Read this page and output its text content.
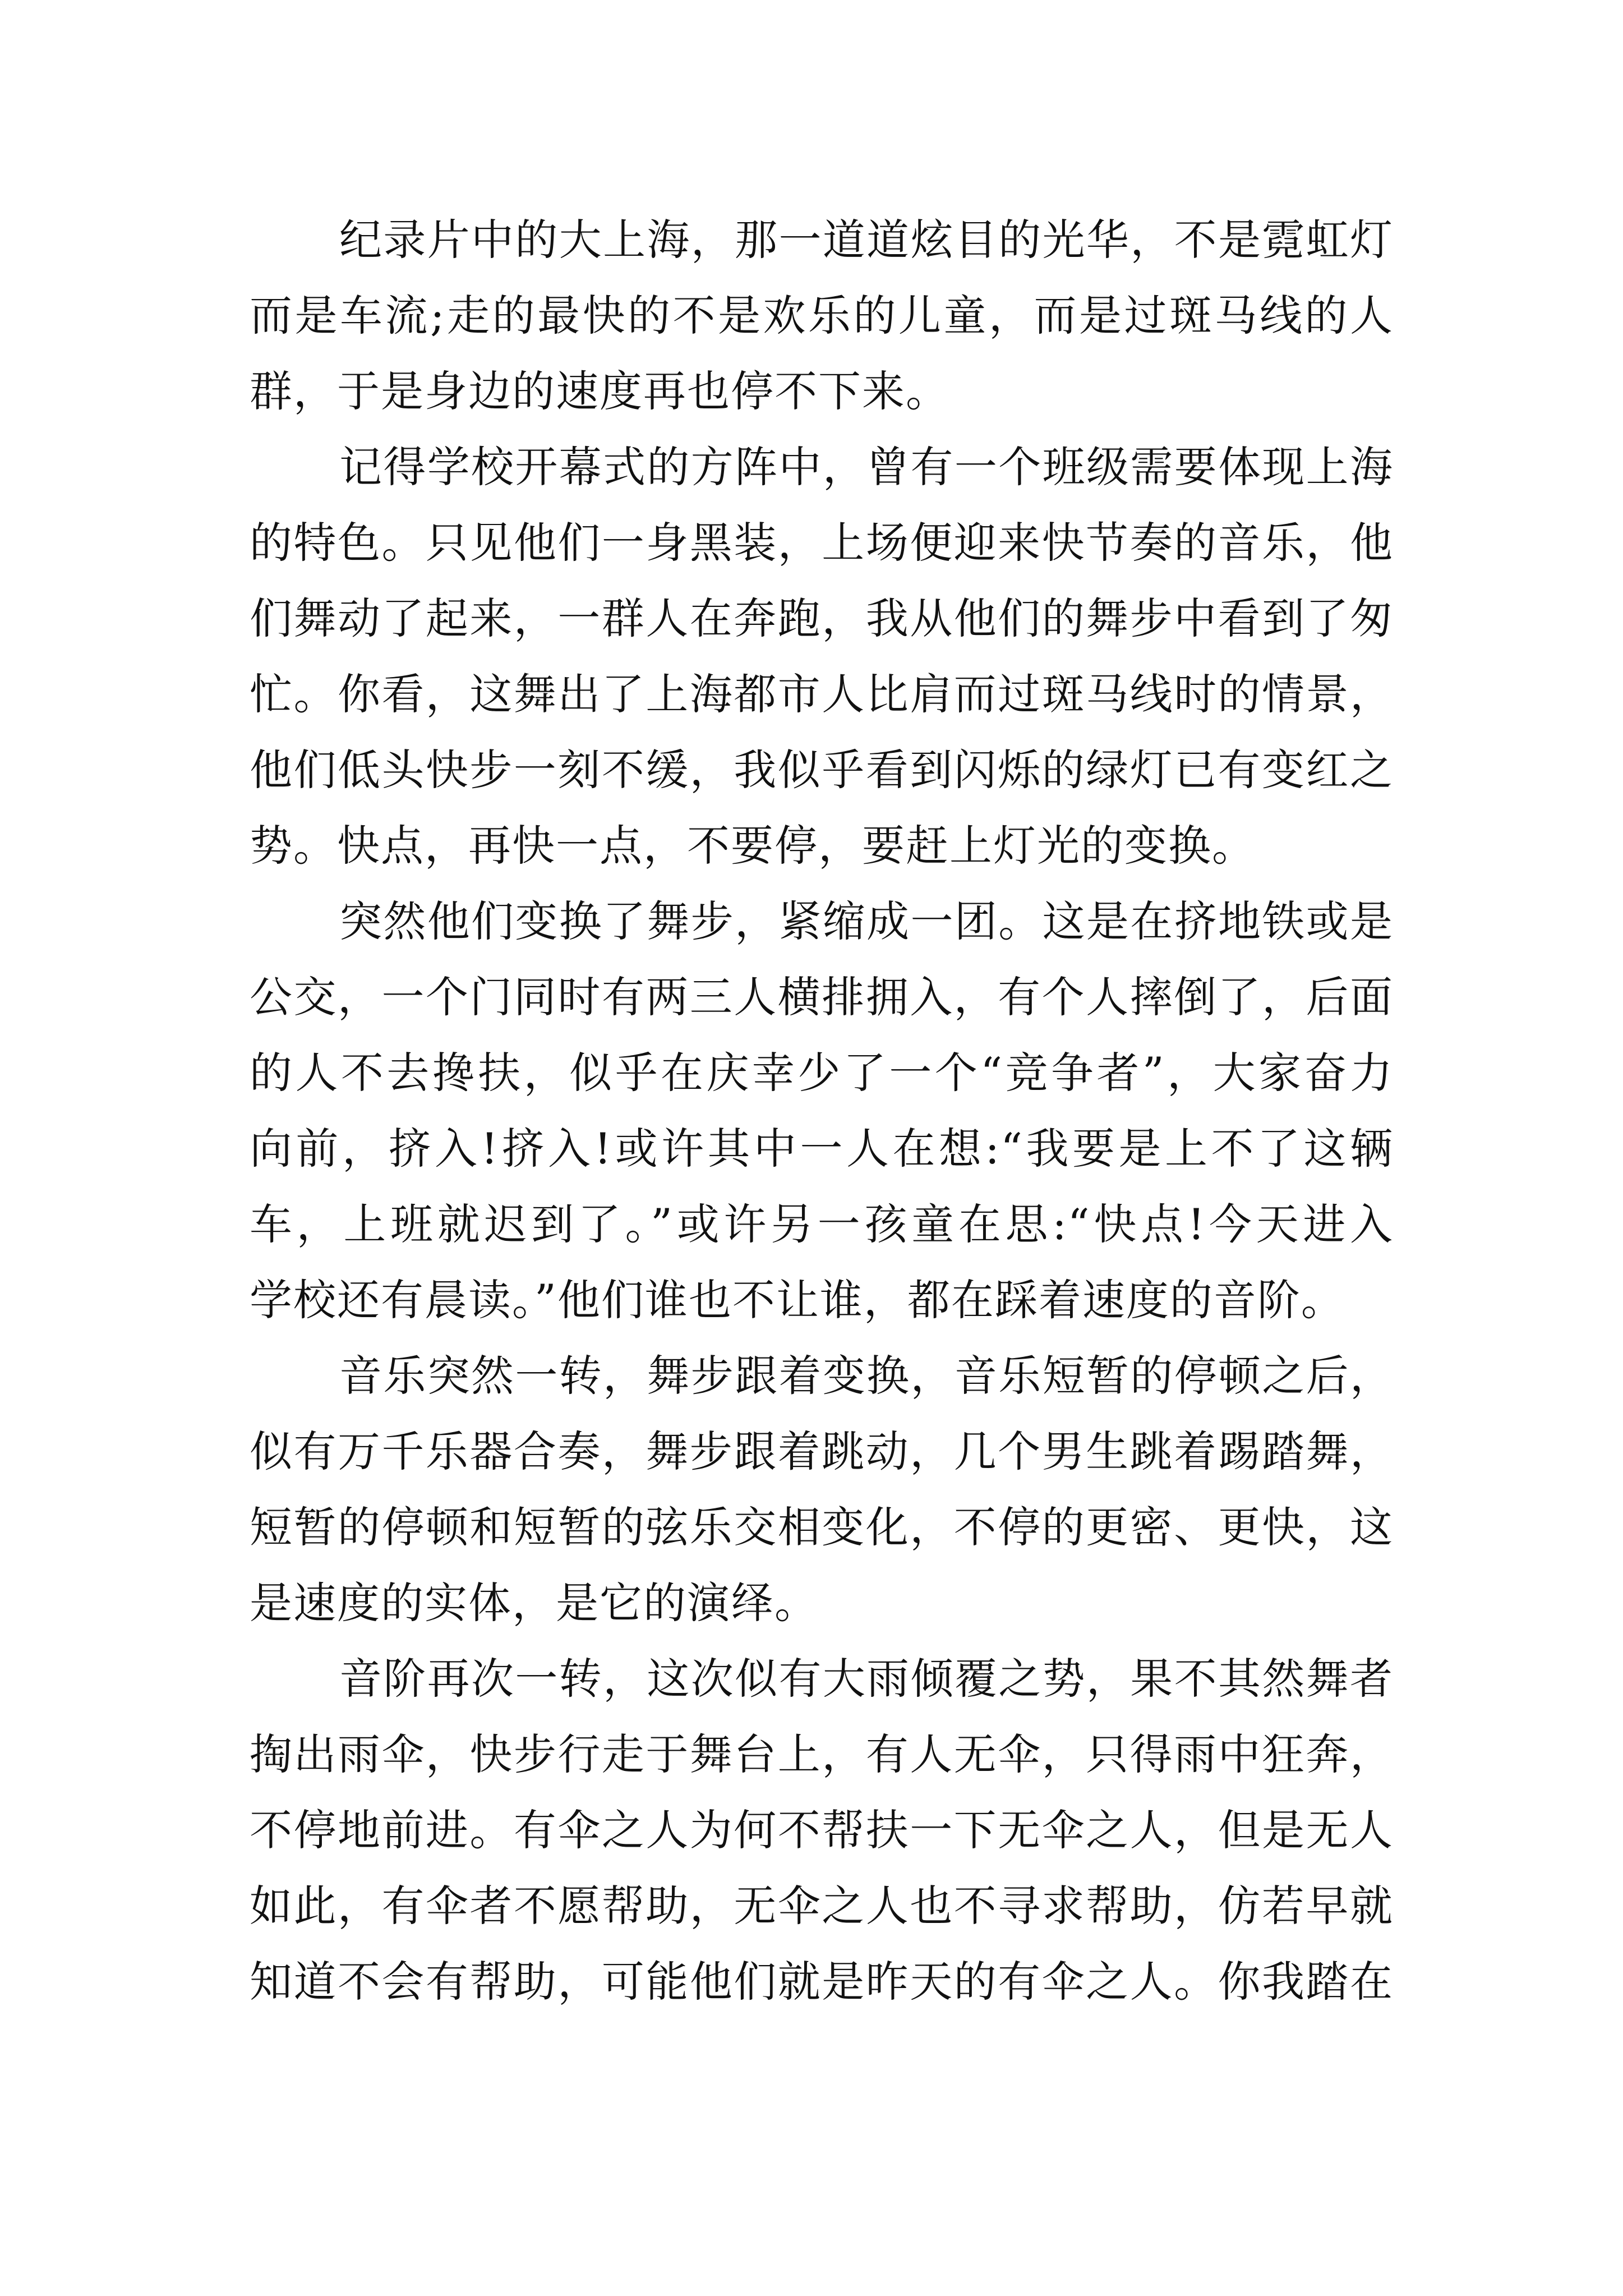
纪录片中的大上海，那一道道炫目的光华，不是霓虹灯
而是车流;走的最快的不是欢乐的儿童，而是过斑马线的人
群，于是身边的速度再也停不下来。
记得学校开幕式的方阵中，曾有一个班级需要体现上海
的特色。只见他们一身黑装，上场便迎来快节奏的音乐，他
们舞动了起来，一群人在奔跑，我从他们的舞步中看到了匆
忙。你看，这舞出了上海都市人比肩而过斑马线时的情景，
他们低头快步一刻不缓，我似乎看到闪烁的绿灯已有变红之
势。快点，再快一点，不要停，要赶上灯光的变换。
突然他们变换了舞步，紧缩成一团。这是在挤地铁或是
公交，一个门同时有两三人横排拥入，有个人摔倒了，后面
的人不去搀扶，似乎在庆幸少了一个“竞争者”，大家奋力
向前，挤入!挤入!或许其中一人在想:“我要是上不了这辆
车，上班就迟到了。”或许另一孩童在思:“快点!今天进入
学校还有晨读。”他们谁也不让谁，都在踩着速度的音阶。
音乐突然一转，舞步跟着变换，音乐短暂的停顿之后，
似有万千乐器合奏，舞步跟着跳动，几个男生跳着踢踏舞，
短暂的停顿和短暂的弦乐交相变化，不停的更密、更快，这
是速度的实体，是它的演绎。
音阶再次一转，这次似有大雨倾覆之势，果不其然舞者
掏出雨伞，快步行走于舞台上，有人无伞，只得雨中狂奔，
不停地前进。有伞之人为何不帮扶一下无伞之人，但是无人
如此，有伞者不愿帮助，无伞之人也不寻求帮助，仿若早就
知道不会有帮助，可能他们就是昨天的有伞之人。你我踏在
